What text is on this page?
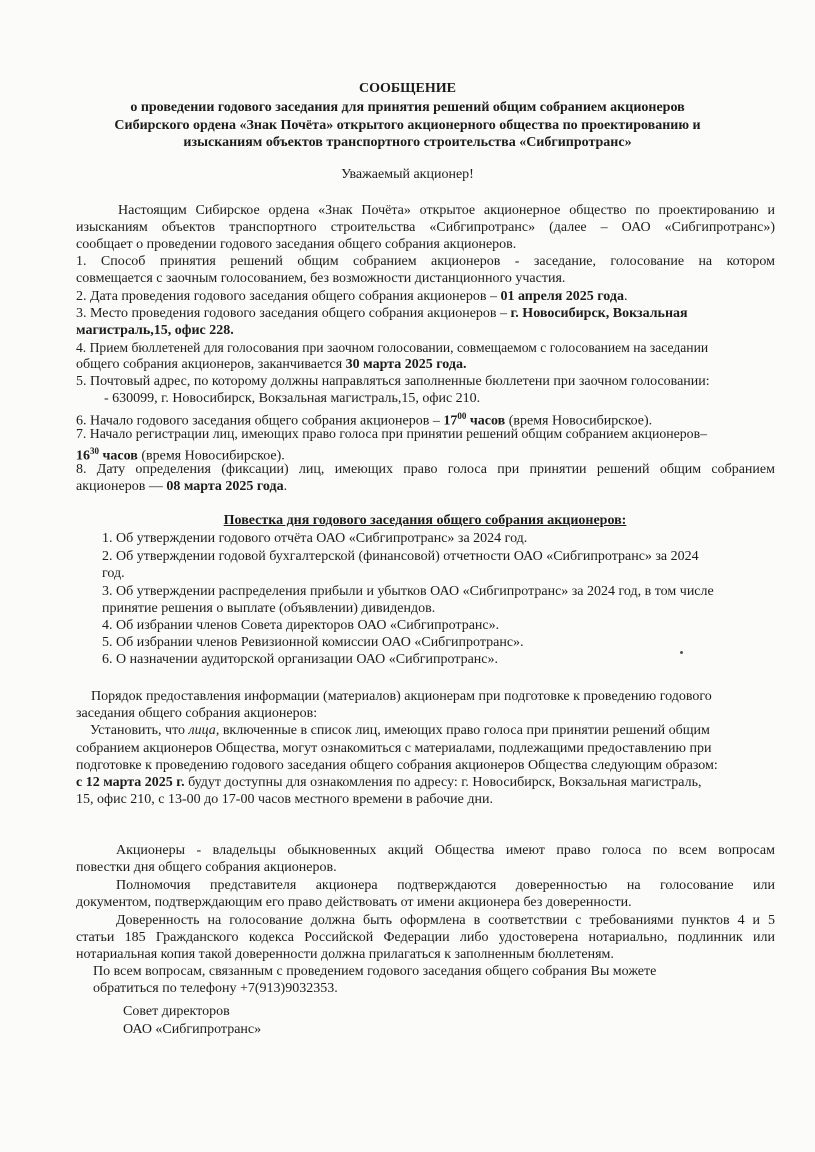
СООБЩЕНИЕ
о проведении годового заседания для принятия решений общим собранием акционеров
Сибирского ордена «Знак Почёта» открытого акционерного общества по проектированию и
изысканиям объектов транспортного строительства «Сибгипротранс»
Уважаемый акционер!
Настоящим Сибирское ордена «Знак Почёта» открытое акционерное общество по проектированию и
изысканиям объектов транспортного строительства «Сибгипротранс» (далее – ОАО «Сибгипротранс»)
сообщает о проведении годового заседания общего собрания акционеров.
1. Способ принятия решений общим собранием акционеров - заседание, голосование на котором
совмещается с заочным голосованием, без возможности дистанционного участия.
2. Дата проведения годового заседания общего собрания акционеров – 01 апреля 2025 года.
3. Место проведения годового заседания общего собрания акционеров – г. Новосибирск, Вокзальная
магистраль,15, офис 228.
4. Прием бюллетеней для голосования при заочном голосовании, совмещаемом с голосованием на заседании
общего собрания акционеров, заканчивается 30 марта 2025 года.
5. Почтовый адрес, по которому должны направляться заполненные бюллетени при заочном голосовании:
- 630099, г. Новосибирск, Вокзальная магистраль,15, офис 210.
6. Начало годового заседания общего собрания акционеров – $17^{00}$ часов (время Новосибирское).
7. Начало регистрации лиц, имеющих право голоса при принятии решений общим собранием акционеров–
$16^{30}$ часов (время Новосибирское).
8. Дату определения (фиксации) лиц, имеющих право голоса при принятии решений общим собранием
акционеров — 08 марта 2025 года.
Повестка дня годового заседания общего собрания акционеров:
1. Об утверждении годового отчёта ОАО «Сибгипротранс» за 2024 год.
2. Об утверждении годовой бухгалтерской (финансовой) отчетности ОАО «Сибгипротранс» за 2024
год.
3. Об утверждении распределения прибыли и убытков ОАО «Сибгипротранс» за 2024 год, в том числе
принятие решения о выплате (объявлении) дивидендов.
4. Об избрании членов Совета директоров ОАО «Сибгипротранс».
5. Об избрании членов Ревизионной комиссии ОАО «Сибгипротранс».
6. О назначении аудиторской организации ОАО «Сибгипротранс».
Порядок предоставления информации (материалов) акционерам при подготовке к проведению годового
заседания общего собрания акционеров:
Установить, что лица, включенные в список лиц, имеющих право голоса при принятии решений общим
собранием акционеров Общества, могут ознакомиться с материалами, подлежащими предоставлению при
подготовке к проведению годового заседания общего собрания акционеров Общества следующим образом:
с 12 марта 2025 г. будут доступны для ознакомления по адресу: г. Новосибирск, Вокзальная магистраль,
15, офис 210, с 13-00 до 17-00 часов местного времени в рабочие дни.
Акционеры - владельцы обыкновенных акций Общества имеют право голоса по всем вопросам
повестки дня общего собрания акционеров.
Полномочия представителя акционера подтверждаются доверенностью на голосование или
документом, подтверждающим его право действовать от имени акционера без доверенности.
Доверенность на голосование должна быть оформлена в соответствии с требованиями пунктов 4 и 5
статьи 185 Гражданского кодекса Российской Федерации либо удостоверена нотариально, подлинник или
нотариальная копия такой доверенности должна прилагаться к заполненным бюллетеням.
По всем вопросам, связанным с проведением годового заседания общего собрания Вы можете
обратиться по телефону +7(913)9032353.
Совет директоров
ОАО «Сибгипротранс»
